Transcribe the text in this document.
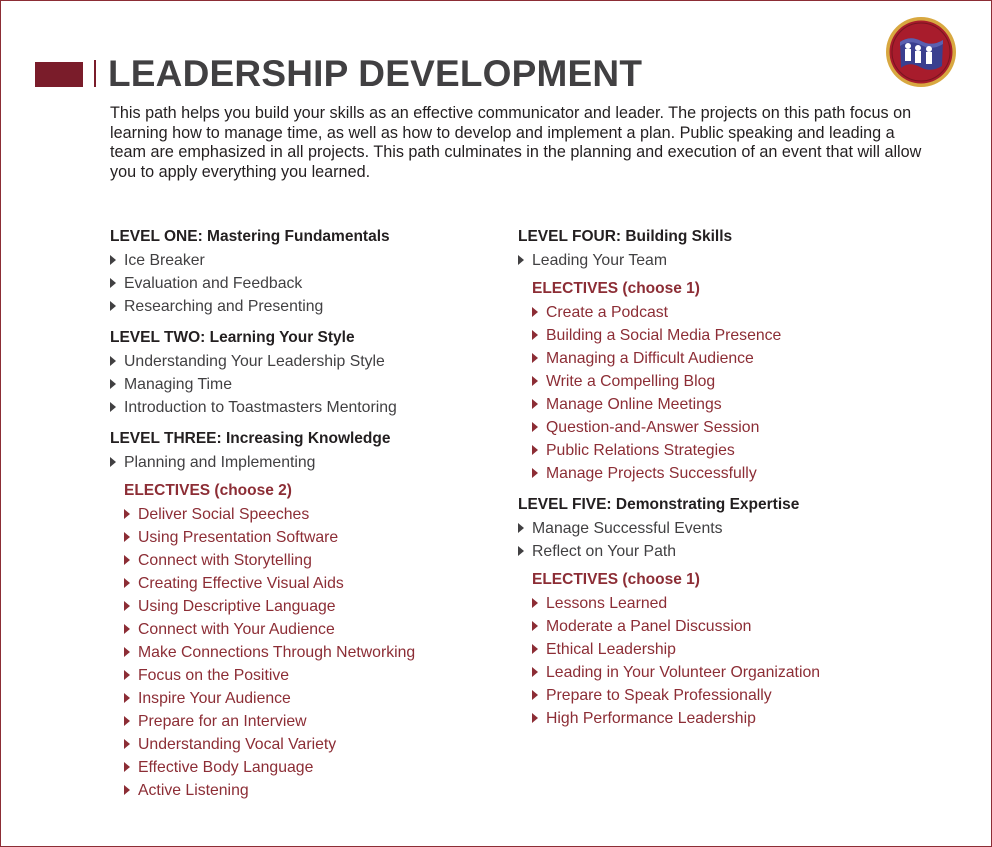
LEADERSHIP DEVELOPMENT
This path helps you build your skills as an effective communicator and leader. The projects on this path focus on learning how to manage time, as well as how to develop and implement a plan. Public speaking and leading a team are emphasized in all projects. This path culminates in the planning and execution of an event that will allow you to apply everything you learned.
LEVEL ONE: Mastering Fundamentals
Ice Breaker
Evaluation and Feedback
Researching and Presenting
LEVEL TWO: Learning Your Style
Understanding Your Leadership Style
Managing Time
Introduction to Toastmasters Mentoring
LEVEL THREE: Increasing Knowledge
Planning and Implementing
ELECTIVES (choose 2)
Deliver Social Speeches
Using Presentation Software
Connect with Storytelling
Creating Effective Visual Aids
Using Descriptive Language
Connect with Your Audience
Make Connections Through Networking
Focus on the Positive
Inspire Your Audience
Prepare for an Interview
Understanding Vocal Variety
Effective Body Language
Active Listening
LEVEL FOUR: Building Skills
Leading Your Team
ELECTIVES (choose 1)
Create a Podcast
Building a Social Media Presence
Managing a Difficult Audience
Write a Compelling Blog
Manage Online Meetings
Question-and-Answer Session
Public Relations Strategies
Manage Projects Successfully
LEVEL FIVE: Demonstrating Expertise
Manage Successful Events
Reflect on Your Path
ELECTIVES (choose 1)
Lessons Learned
Moderate a Panel Discussion
Ethical Leadership
Leading in Your Volunteer Organization
Prepare to Speak Professionally
High Performance Leadership
